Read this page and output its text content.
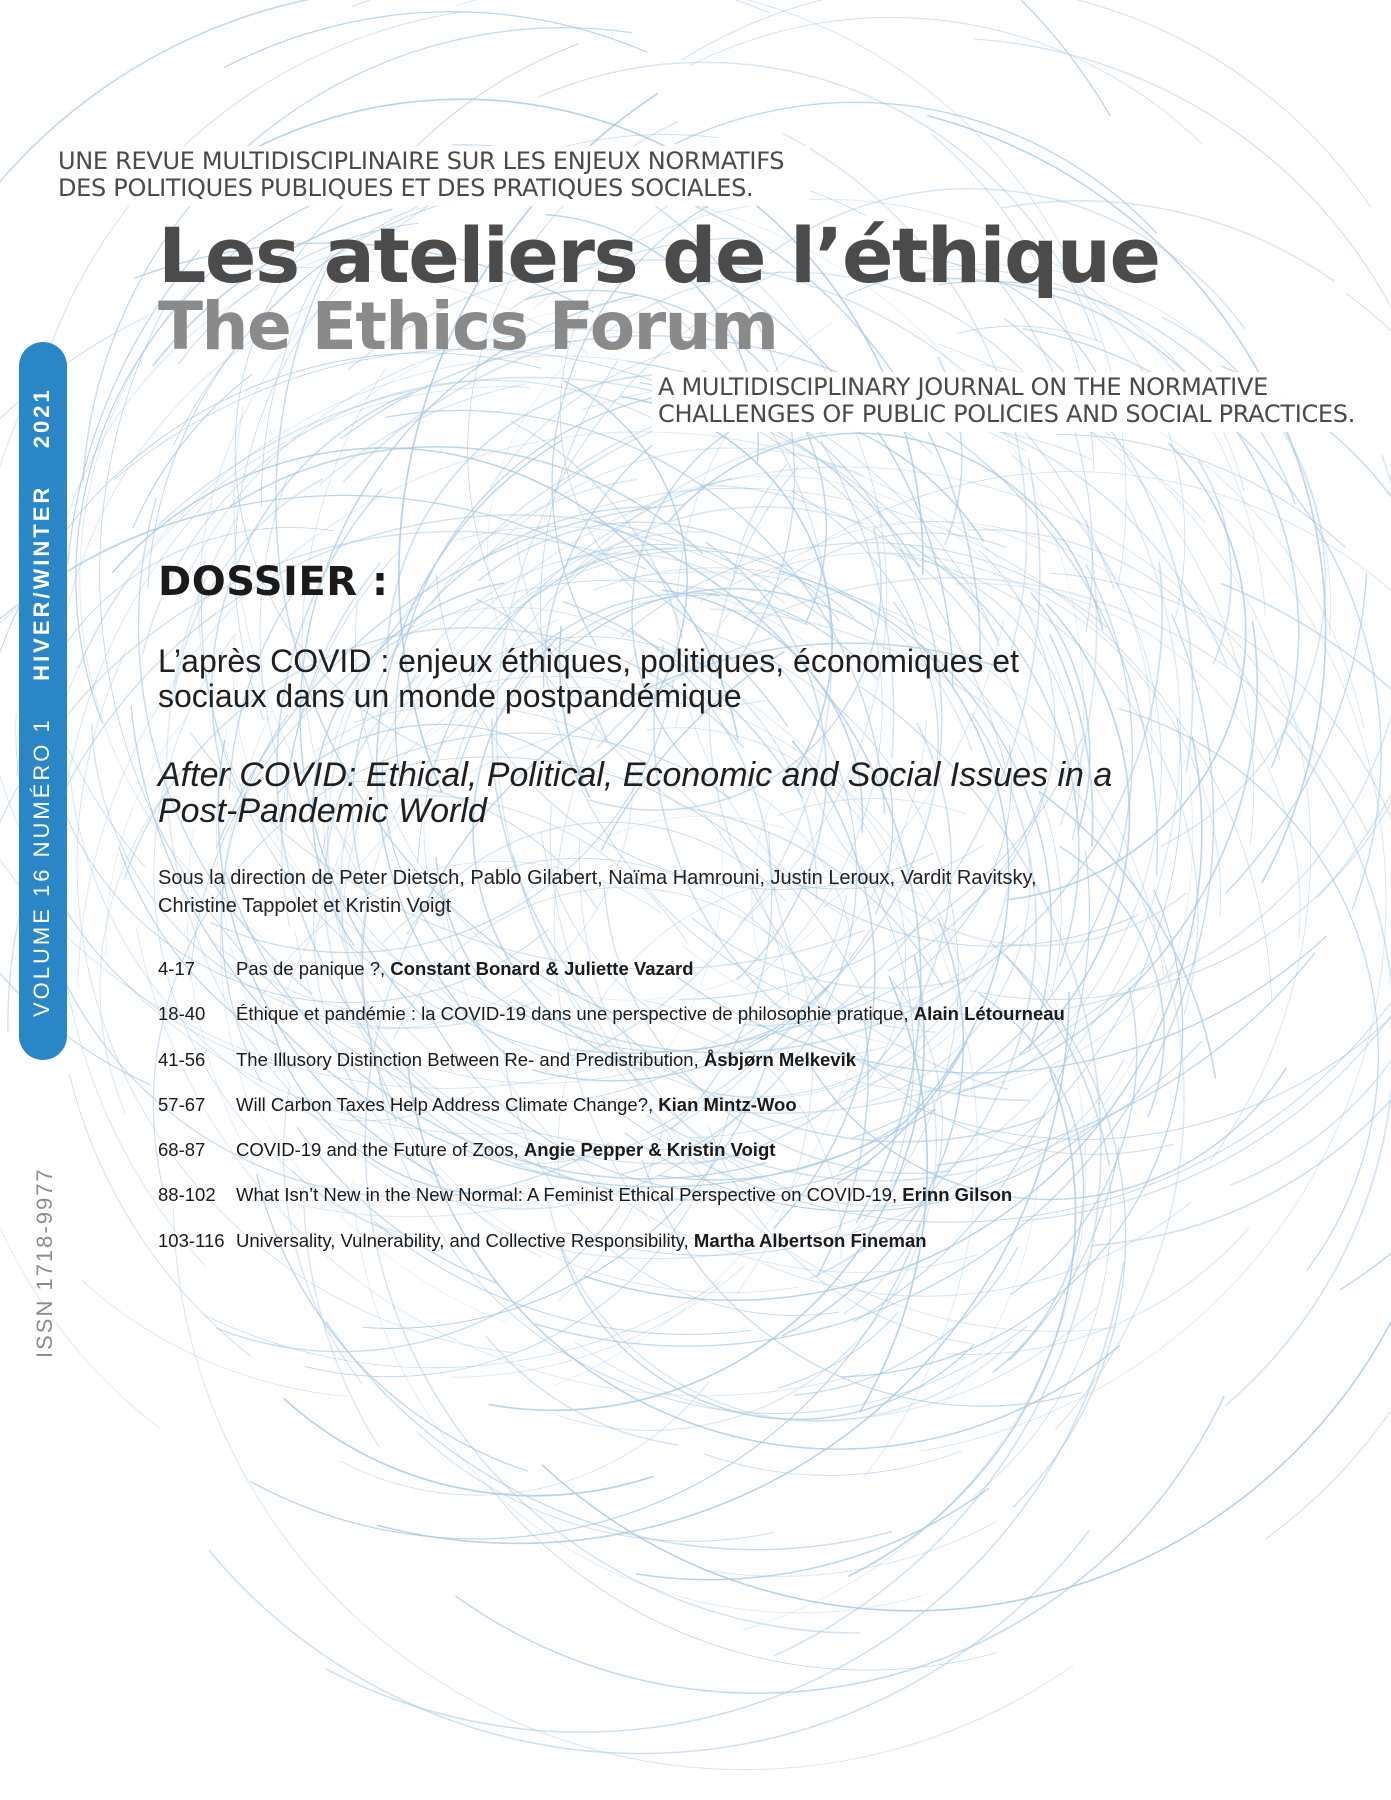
UNE REVUE MULTIDISCIPLINAIRE SUR LES ENJEUX NORMATIFS
DES POLITIQUES PUBLIQUES ET DES PRATIQUES SOCIALES.
Les ateliers de l’éthique
The Ethics Forum
A MULTIDISCIPLINARY JOURNAL ON THE NORMATIVE
CHALLENGES OF PUBLIC POLICIES AND SOCIAL PRACTICES.
VOLUME 16 NUMÉRO 1    HIVER/WINTER    2021
ISSN 1718-9977
DOSSIER :
L’après COVID : enjeux éthiques, politiques, économiques et
sociaux dans un monde postpandémique
After COVID: Ethical, Political, Economic and Social Issues in a
Post-Pandemic World
Sous la direction de Peter Dietsch, Pablo Gilabert, Naïma Hamrouni, Justin Leroux, Vardit Ravitsky,
Christine Tappolet et Kristin Voigt
4-17	Pas de panique ?, Constant Bonard & Juliette Vazard
18-40	Éthique et pandémie : la COVID-19 dans une perspective de philosophie pratique, Alain Létourneau
41-56	The Illusory Distinction Between Re- and Predistribution, Åsbjørn Melkevik
57-67	Will Carbon Taxes Help Address Climate Change?, Kian Mintz-Woo
68-87	COVID-19 and the Future of Zoos, Angie Pepper & Kristin Voigt
88-102	What Isn’t New in the New Normal: A Feminist Ethical Perspective on COVID-19, Erinn Gilson
103-116 Universality, Vulnerability, and Collective Responsibility, Martha Albertson Fineman
